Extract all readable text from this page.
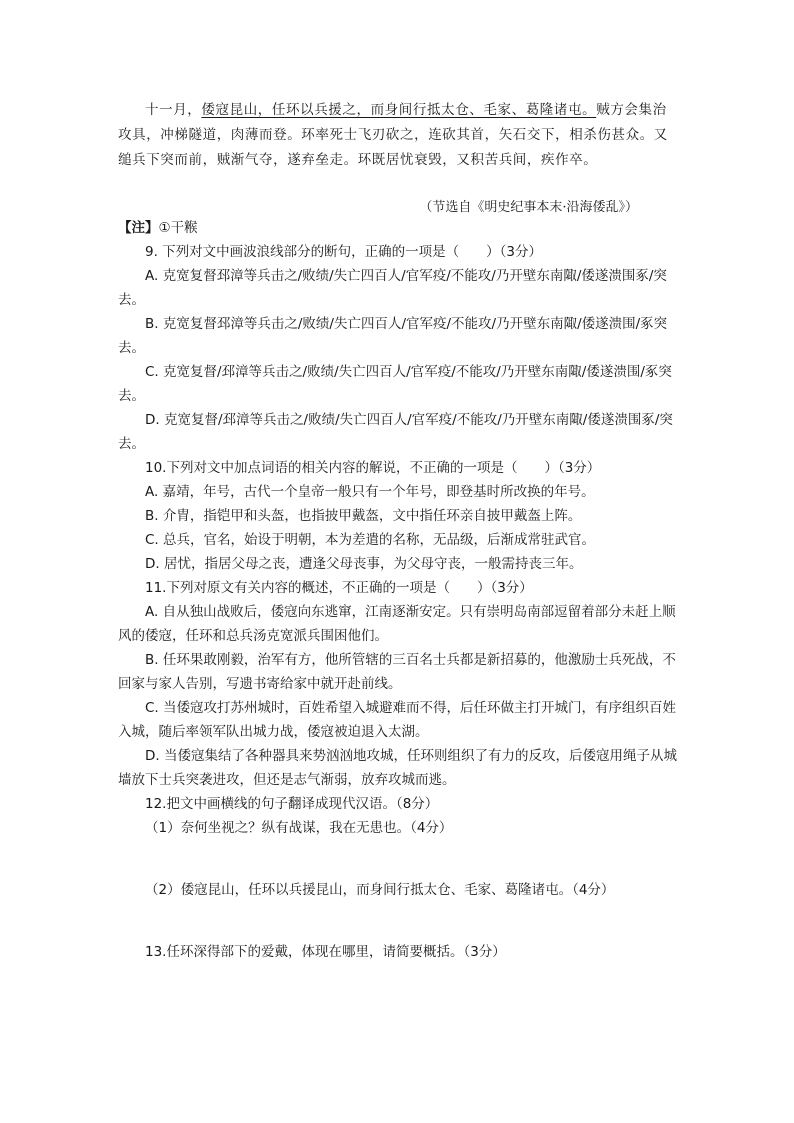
十一月，倭寇昆山，任环以兵援之，而身间行抵太仓、毛家、葛隆诸屯。贼方会集治攻具，冲梯隧道，肉薄而登。环率死士飞刃砍之，连砍其首，矢石交下，相杀伤甚众。又缒兵下突而前，贼渐气夺，遂弃垒走。环既居忧衰毁，又积苦兵间，疾作卒。
（节选自《明史纪事本末·沿海倭乱》）
【注】①干糇
9. 下列对文中画波浪线部分的断句，正确的一项是（　　）（3分）
A. 克宽复督邳漳等兵击之/败绩/失亡四百人/官军疫/不能攻/乃开壁东南陬/倭遂溃围豖/突去。
B. 克宽复督邳漳等兵击之/败绩/失亡四百人/官军疫/不能攻/乃开壁东南陬/倭遂溃围/豖突去。
C. 克宽复督/邳漳等兵击之/败绩/失亡四百人/官军疫/不能攻/乃开壁东南陬/倭遂溃围/豖突去。
D. 克宽复督/邳漳等兵击之/败绩/失亡四百人/官军疫/不能攻/乃开壁东南陬/倭遂溃围豖/突去。
10.下列对文中加点词语的相关内容的解说，不正确的一项是（　　）（3分）
A. 嘉靖，年号，古代一个皇帝一般只有一个年号，即登基时所改换的年号。
B. 介胄，指铠甲和头盔，也指披甲戴盔，文中指任环亲自披甲戴盔上阵。
C. 总兵，官名，始设于明朝，本为差遣的名称，无品级，后渐成常驻武官。
D. 居忧，指居父母之丧，遭逢父母丧事，为父母守丧，一般需持丧三年。
11.下列对原文有关内容的概述，不正确的一项是（　　）（3分）
A. 自从独山战败后，倭寇向东逃窜，江南逐渐安定。只有崇明岛南部逗留着部分未赶上顺风的倭寇，任环和总兵汤克宽派兵围困他们。
B. 任环果敢刚毅，治军有方，他所管辖的三百名士兵都是新招募的，他激励士兵死战，不回家与家人告别，写遗书寄给家中就开赴前线。
C. 当倭寇攻打苏州城时，百姓希望入城避难而不得，后任环做主打开城门，有序组织百姓入城，随后率领军队出城力战，倭寇被迫退入太湖。
D. 当倭寇集结了各种器具来势汹汹地攻城，任环则组织了有力的反攻，后倭寇用绳子从城墙放下士兵突袭进攻，但还是志气渐弱，放弃攻城而逃。
12.把文中画横线的句子翻译成现代汉语。（8分）
（1）奈何坐视之？纵有战谋，我在无患也。（4分）
（2）倭寇昆山，任环以兵援昆山，而身间行抵太仓、毛家、葛隆诸屯。（4分）
13.任环深得部下的爱戴，体现在哪里，请简要概括。（3分）
